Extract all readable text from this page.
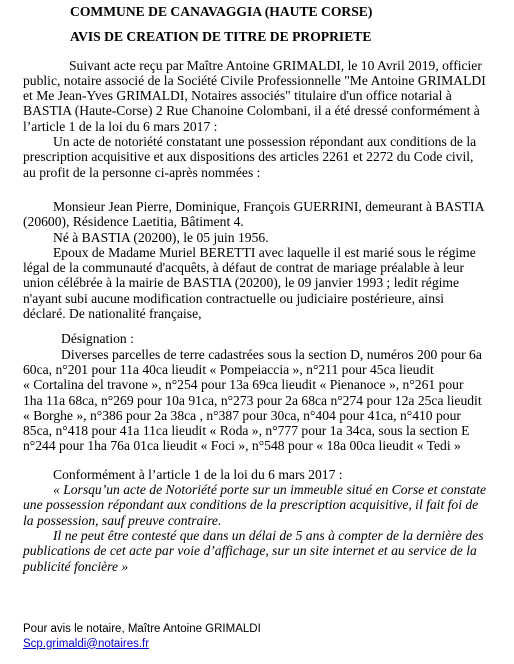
COMMUNE DE CANAVAGGIA (HAUTE CORSE)
AVIS DE CREATION DE TITRE DE PROPRIETE
Suivant acte reçu par Maître Antoine GRIMALDI, le 10 Avril 2019, officier
public, notaire associé de la Société Civile Professionnelle "Me Antoine GRIMALDI
et Me Jean-Yves GRIMALDI, Notaires associés" titulaire d'un office notarial à
BASTIA (Haute-Corse) 2 Rue Chanoine Colombani, il a été dressé conformément à
l’article 1 de la loi du 6 mars 2017 :
Un acte de notoriété constatant une possession répondant aux conditions de la
prescription acquisitive et aux dispositions des articles 2261 et 2272 du Code civil,
au profit de la personne ci-après nommées :
Monsieur Jean Pierre, Dominique, François GUERRINI, demeurant à BASTIA
(20600), Résidence Laetitia, Bâtiment 4.
Né à BASTIA (20200), le 05 juin 1956.
Epoux de Madame Muriel BERETTI avec laquelle il est marié sous le régime
légal de la communauté d'acquêts, à défaut de contrat de mariage préalable à leur
union célébrée à la mairie de BASTIA (20200), le 09 janvier 1993 ; ledit régime
n'ayant subi aucune modification contractuelle ou judiciaire postérieure, ainsi
déclaré. De nationalité française,
Désignation :
Diverses parcelles de terre cadastrées sous la section D, numéros 200 pour 6a
60ca, n°201 pour 11a 40ca lieudit « Pompeiaccia », n°211 pour 45ca lieudit
« Cortalina del travone », n°254 pour 13a 69ca lieudit « Pienanoce », n°261 pour
1ha 11a 68ca, n°269 pour 10a 91ca, n°273 pour 2a 68ca n°274 pour 12a 25ca lieudit
« Borghe », n°386 pour 2a 38ca , n°387 pour 30ca, n°404 pour 41ca, n°410 pour
85ca, n°418 pour 41a 11ca lieudit « Roda », n°777 pour 1a 34ca, sous la section E
n°244 pour 1ha 76a 01ca lieudit « Foci », n°548 pour « 18a 00ca lieudit « Tedi »
Conformément à l’article 1 de la loi du 6 mars 2017 :
« Lorsqu’un acte de Notoriété porte sur un immeuble situé en Corse et constate
une possession répondant aux conditions de la prescription acquisitive, il fait foi de
la possession, sauf preuve contraire.
Il ne peut être contesté que dans un délai de 5 ans à compter de la dernière des
publications de cet acte par voie d’affichage, sur un site internet et au service de la
publicité foncière »
Pour avis le notaire, Maître Antoine GRIMALDI
Scp.grimaldi@notaires.fr
